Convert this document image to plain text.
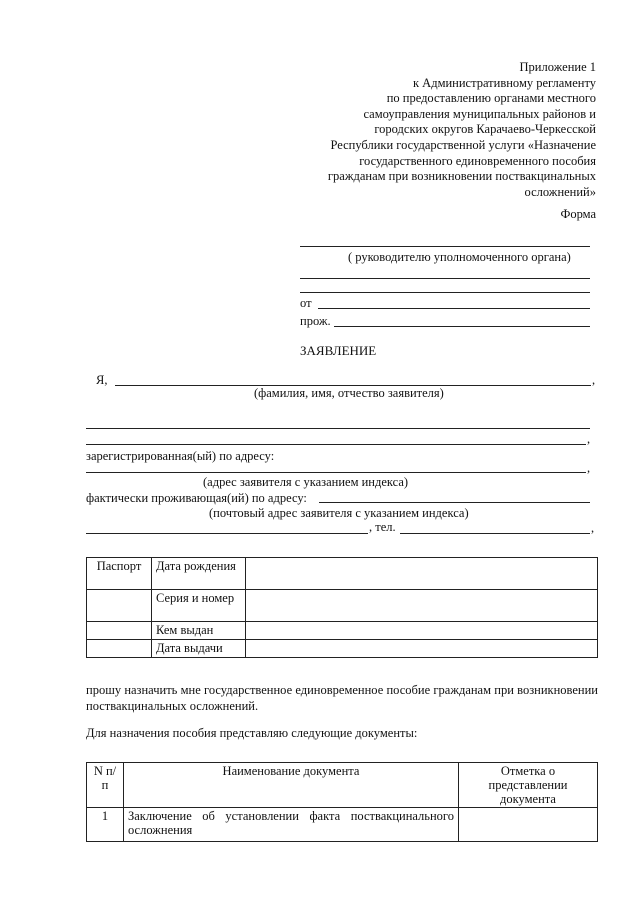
Приложение 1
к Административному регламенту
по предоставлению органами местного
самоуправления муниципальных районов и
городских округов Карачаево-Черкесской
Республики государственной услуги «Назначение
государственного единовременного пособия
гражданам при возникновении поствакцинальных
осложнений»
Форма
( руководителю уполномоченного органа)
от
прож.
ЗАЯВЛЕНИЕ
Я,	,
(фамилия, имя, отчество заявителя)
,
зарегистрированная(ый) по адресу:
,
(адрес заявителя с указанием индекса)
фактически проживающая(ий) по адресу:
(почтовый адрес заявителя с указанием индекса)
, тел.	,
Паспорт	Дата рождения	
	Серия и номер	
	Кем выдан	
	Дата выдачи	
прошу назначить мне государственное единовременное пособие гражданам при возникновении поствакцинальных осложнений.
Для назначения пособия представляю следующие документы:
N п/п	Наименование документа	Отметка о представлении документа
1	Заключение об установлении факта поствакцинального осложнения	
